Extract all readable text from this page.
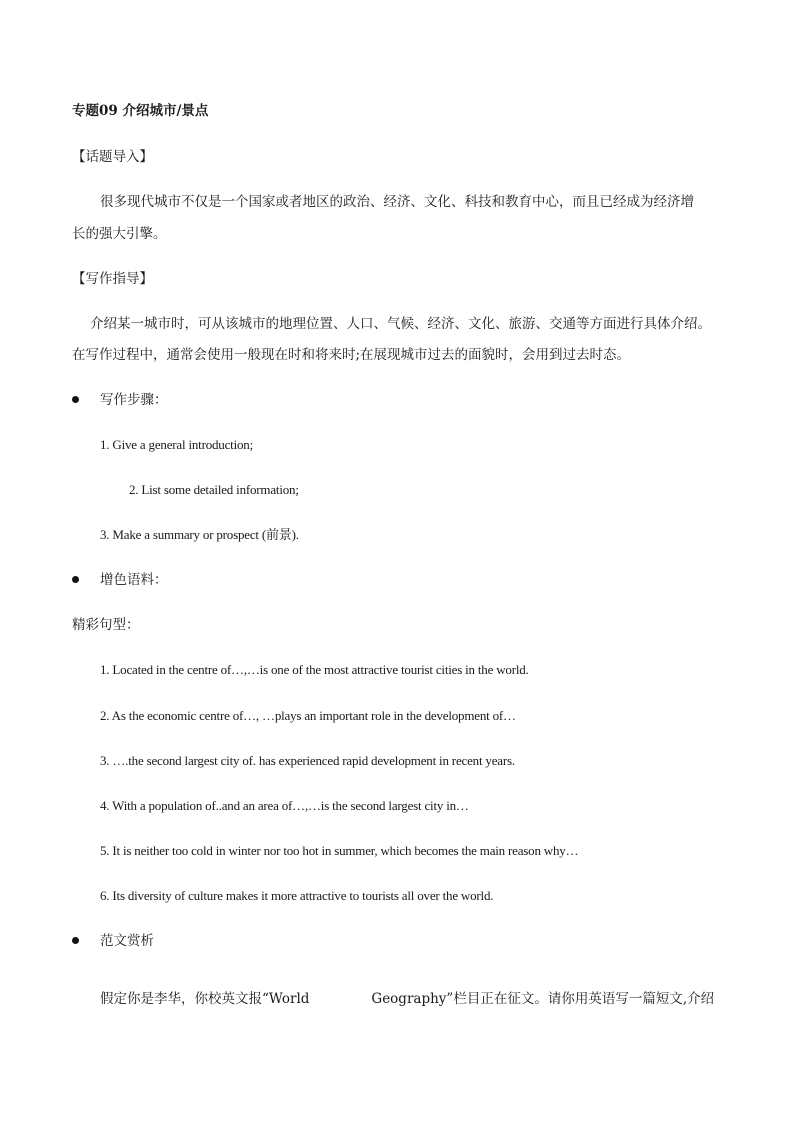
专题09 介绍城市/景点
【话题导入】
很多现代城市不仅是一个国家或者地区的政治、经济、文化、科技和教育中心，而且已经成为经济增
长的强大引擎。
【写作指导】
介绍某一城市时，可从该城市的地理位置、人口、气候、经济、文化、旅游、交通等方面进行具体介绍。
在写作过程中，通常会使用一般现在时和将来时;在展现城市过去的面貌时，会用到过去时态。
写作步骤：
1. Give a general introduction;
2. List some detailed information;
3. Make a summary or prospect (前景).
增色语料：
精彩句型：
1. Located in the centre of…,…is one of the most attractive tourist cities in the world.
2. As the economic centre of…, …plays an important role in the development of…
3. ….the second largest city of. has experienced rapid development in recent years.
4. With a population of..and an area of…,…is the second largest city in…
5. It is neither too cold in winter nor too hot in summer, which becomes the main reason why…
6. Its diversity of culture makes it more attractive to tourists all over the world.
范文赏析
假定你是李华，你校英文报“World	Geography”栏目正在征文。请你用英语写一篇短文,介绍
